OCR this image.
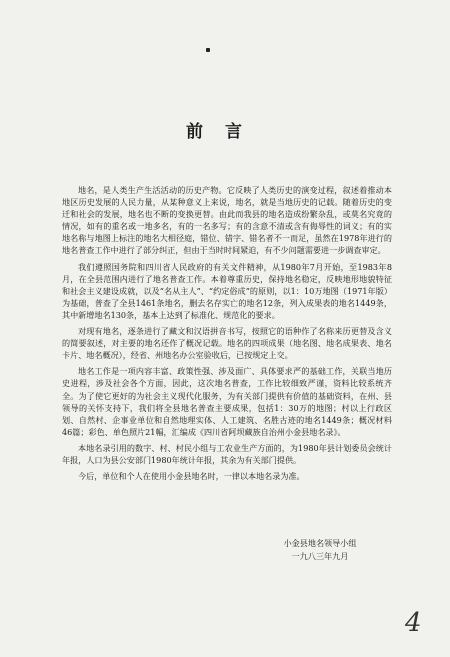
前言

地名，是人类生产生活活动的历史产物。它反映了人类历史的演变过程，叙述着推动本地区历史发展的人民力量，从某种意义上来说，地名，就是当地历史的记载。随着历史的变迁和社会的发展，地名也不断的变换更替。由此而我县的地名造成纷繁杂乱，或莫名究竟的情况，如有的重名或一地多名，有的一名多写；有的含意不清或含有侮辱性的词义；有的实地名称与地图上标注的地名大相径庭，错位、错字、错名者不一而足，虽然在1978年进行的地名普查工作中进行了部分纠正，但由于当时时间紧迫，有不少问题需要进一步调查审定。

我们遵照国务院和四川省人民政府的有关文件精神，从1980年7月开始，至1983年8月，在全县范围内进行了地名普查工作。本着尊重历史，保持地名稳定，反映地形地貌特征和社会主义建设成就，以及“名从主人”、“约定俗成”的原则，以1：10万地图（1971年版）为基础，普查了全县1461条地名，删去名存实亡的地名12条，列入成果表的地名1449条，其中新增地名130条，基本上达到了标准化、规范化的要求。

对现有地名，逐条进行了藏文和汉语拼音书写，按照它的语种作了名称来历更替及含义的简要叙述，对主要的地名还作了概况记载。地名的四项成果（地名图、地名成果表、地名卡片、地名概况），经省、州地名办公室验收后，已按规定上交。

地名工作是一项内容丰富、政策性强、涉及面广、具体要求严的基础工作，关联当地历史进程，涉及社会各个方面，因此，这次地名普查，工作比较细致严谨，资料比较系统齐全。为了使它更好的为社会主义现代化服务，为有关部门提供有价值的基础资料，在州、县领导的关怀支持下，我们将全县地名普查主要成果，包括1：30万的地图；村以上行政区划、自然村、企事业单位和自然地理实体、人工建筑、名胜古迹的地名1449条；概况材料46篇；彩色、单色照片21幅，汇编成《四川省阿坝藏族自治州小金县地名录》。

本地名录引用的数字、村、村民小组与工农业生产方面的，为1980年县计划委员会统计年报，人口为县公安部门1980年统计年报，其余为有关部门提供。

今后，单位和个人在使用小金县地名时，一律以本地名录为准。

小金县地名领导小组
一九八三年九月
4
